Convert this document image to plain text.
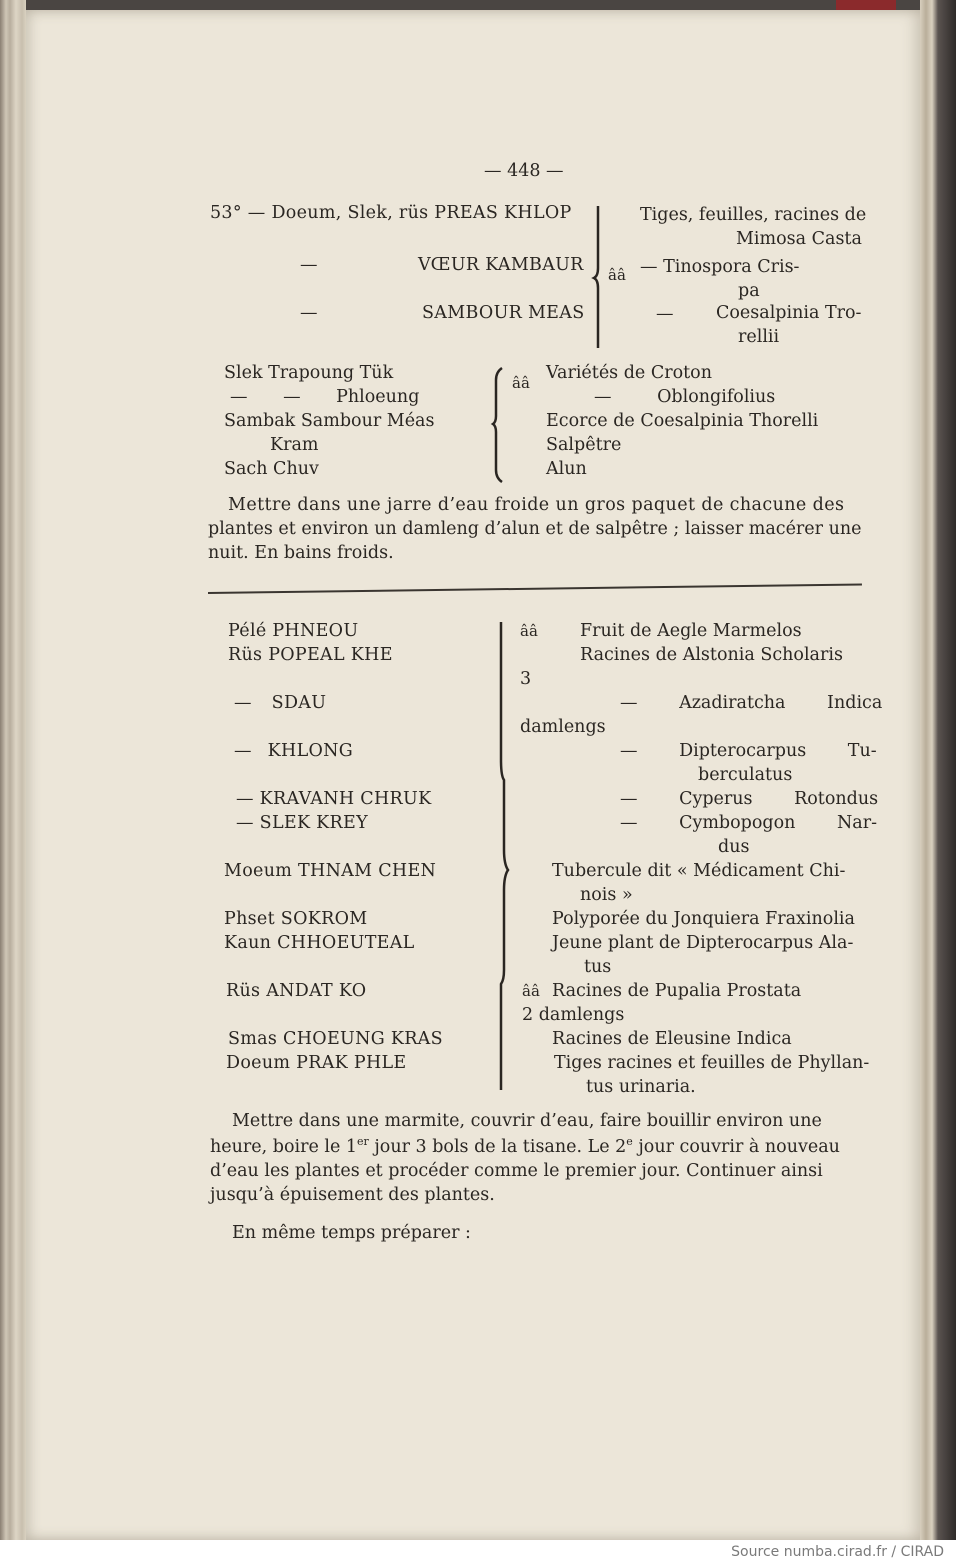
— 448 —
53° — Doeum, Slek, rüs PREAS KHLOP
—	VŒUR KAMBAUR
—	SAMBOUR MEAS
ââ
Tiges, feuilles, racines de
Mimosa Casta
— Tinospora Cris-
pa
— Coesalpinia Tro-
rellii
Slek Trapoung Tük
— — Phloeung
Sambak Sambour Méas
Kram
Sach Chuv
ââ Variétés de Croton
— Oblongifolius
Ecorce de Coesalpinia Thorelli
Salpêtre
Alun
Mettre dans une jarre d’eau froide un gros paquet de chacune des
plantes et environ un damleng d’alun et de salpêtre ; laisser macérer une
nuit. En bains froids.
Pélé PHNEOU
Rüs POPEAL KHE
— SDAU
— KHLONG
— KRAVANH CHRUK
— SLEK KREY
Moeum THNAM CHEN
Phset SOKROM
Kaun CHHOEUTEAL
Rüs ANDAT KO
Smas CHOEUNG KRAS
Doeum PRAK PHLE
ââ
3
damlengs
ââ
2 damlengs
Fruit de Aegle Marmelos
Racines de Alstonia Scholaris
— Azadiratcha Indica
— Dipterocarpus Tu-
berculatus
— Cyperus Rotondus
— Cymbopogon Nar-
dus
Tubercule dit « Médicament Chi-
nois »
Polyporée du Jonquiera Fraxinolia
Jeune plant de Dipterocarpus Ala-
tus
Racines de Pupalia Prostata
Racines de Eleusine Indica
Tiges racines et feuilles de Phyllan-
tus urinaria.
Mettre dans une marmite, couvrir d’eau, faire bouillir environ une
heure, boire le 1er jour 3 bols de la tisane. Le 2e jour couvrir à nouveau
d’eau les plantes et procéder comme le premier jour. Continuer ainsi
jusqu’à épuisement des plantes.
En même temps préparer :
Source numba.cirad.fr / CIRAD
